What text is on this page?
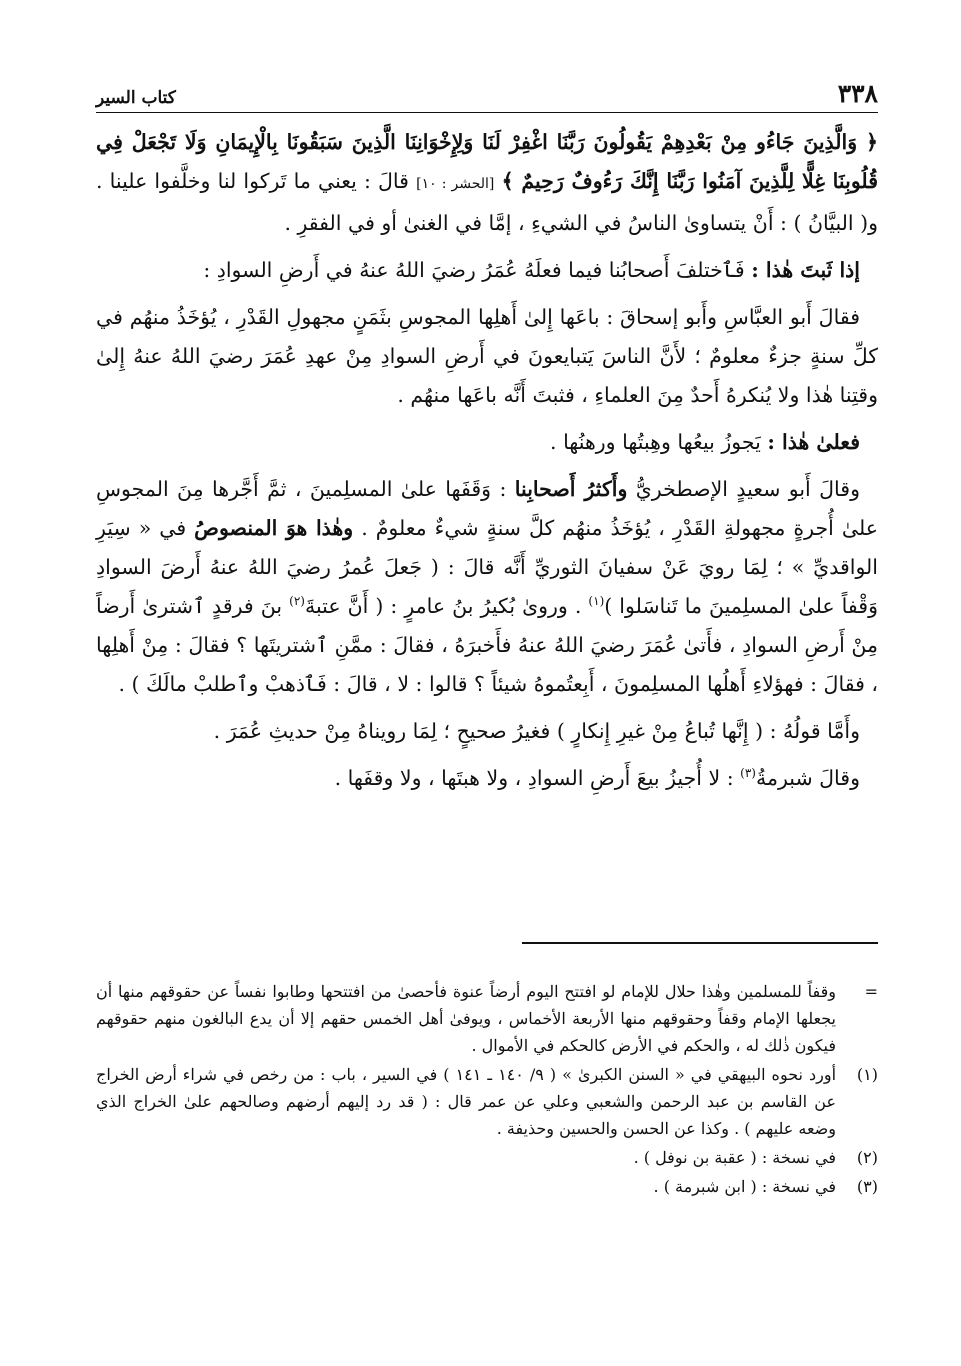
٣٣٨
كتاب السير

﴿ وَالَّذِينَ جَاءُو مِنْ بَعْدِهِمْ يَقُولُونَ رَبَّنَا اغْفِرْ لَنَا وَلِإِخْوَانِنَا الَّذِينَ سَبَقُونَا بِالْإِيمَانِ وَلَا تَجْعَلْ فِي قُلُوبِنَا غِلًّا لِلَّذِينَ آمَنُوا رَبَّنَا إِنَّكَ رَءُوفٌ رَحِيمٌ ﴾ [الحشر : ١٠] قالَ : يعني ما تَركوا لنا وخلَّفوا علينا . و( البيَّانُ ) : أَنْ يتساوىٰ الناسُ في الشيءِ ، إمَّا في الغنىٰ أو في الفقرِ .

إذا ثَبتَ هٰذا : فَٱختلفَ أَصحابُنا فيما فعلَهُ عُمَرُ رضيَ اللهُ عنهُ في أَرضِ السوادِ :

فقالَ أَبو العبَّاسِ وأَبو إسحاقَ : باعَها إِلىٰ أَهلِها المجوسِ بثَمَنٍ مجهولِ القَدْرِ ، يُؤخَذُ منهُم في كلِّ سنةٍ جزءٌ معلومٌ ؛ لأَنَّ الناسَ يَتبايعونَ في أَرضِ السوادِ مِنْ عهدِ عُمَرَ رضيَ اللهُ عنهُ إِلىٰ وقتِنا هٰذا ولا يُنكرهُ أَحدٌ مِنَ العلماءِ ، فثبتَ أَنَّه باعَها منهُم .

فعلىٰ هٰذا : يَجوزُ بيعُها وهِبتُها ورهنُها .

وقالَ أَبو سعيدٍ الإصطخريُّ وأَكثرُ أَصحابِنا : وَقَفَها علىٰ المسلِمينَ ، ثمَّ أَجَّرها مِنَ المجوسِ علىٰ أُجرةٍ مجهولةِ القَدْرِ ، يُؤخَذُ منهُم كلَّ سنةٍ شيءٌ معلومٌ . وهٰذا هوَ المنصوصُ في « سِيَرِ الواقديِّ » ؛ لِمَا رويَ عَنْ سفيانَ الثوريِّ أَنَّه قالَ : ( جَعلَ عُمرُ رضيَ اللهُ عنهُ أَرضَ السوادِ وَقْفاً علىٰ المسلِمينَ ما تَناسَلوا )$^{(١)}$ . ورویٰ بُكيرُ بنُ عامرٍ : ( أَنَّ عتبةَ$^{(٢)}$ بنَ فرقدٍ ٱشترىٰ أَرضاً مِنْ أَرضِ السوادِ ، فأَتىٰ عُمَرَ رضيَ اللهُ عنهُ فأَخبرَهُ ، فقالَ : ممَّنِ ٱشتريتَها ؟ فقالَ : مِنْ أَهلِها ، فقالَ : فهؤلاءِ أَهلُها المسلِمونَ ، أَبِعتُموهُ شيئاً ؟ قالوا : لا ، قالَ : فَٱذهبْ وٱطلبْ مالَكَ ) .

وأَمَّا قولُهُ : ( إِنَّها تُباعُ مِنْ غيرِ إِنكارٍ ) فغيرُ صحيحٍ ؛ لِمَا رويناهُ مِنْ حديثِ عُمَرَ .

وقالَ شبرمةُ$^{(٣)}$ : لا أُجيزُ بيعَ أَرضِ السوادِ ، ولا هبتَها ، ولا وقفَها .

=
وقفاً للمسلمين وهٰذا حلال للإمام لو افتتح اليوم أرضاً عنوة فأحصىٰ من افتتحها وطابوا نفساً عن حقوقهم منها أن يجعلها الإمام وقفاً وحقوقهم منها الأربعة الأخماس ، ويوفىٰ أهل الخمس حقهم إلا أن يدع البالغون منهم حقوقهم فيكون ذٰلك له ، والحكم في الأرض كالحكم في الأموال .
(١)
أورد نحوه البيهقي في « السنن الكبرىٰ » ( ٩/ ١٤٠ ـ ١٤١ ) في السير ، باب : من رخص في شراء أرض الخراج عن القاسم بن عبد الرحمن والشعبي وعلي عن عمر قال : ( قد رد إليهم أرضهم وصالحهم علىٰ الخراج الذي وضعه عليهم ) . وكذا عن الحسن والحسين وحذيفة .
(٢)
في نسخة : ( عقبة بن نوفل ) .
(٣)
في نسخة : ( ابن شبرمة ) .
